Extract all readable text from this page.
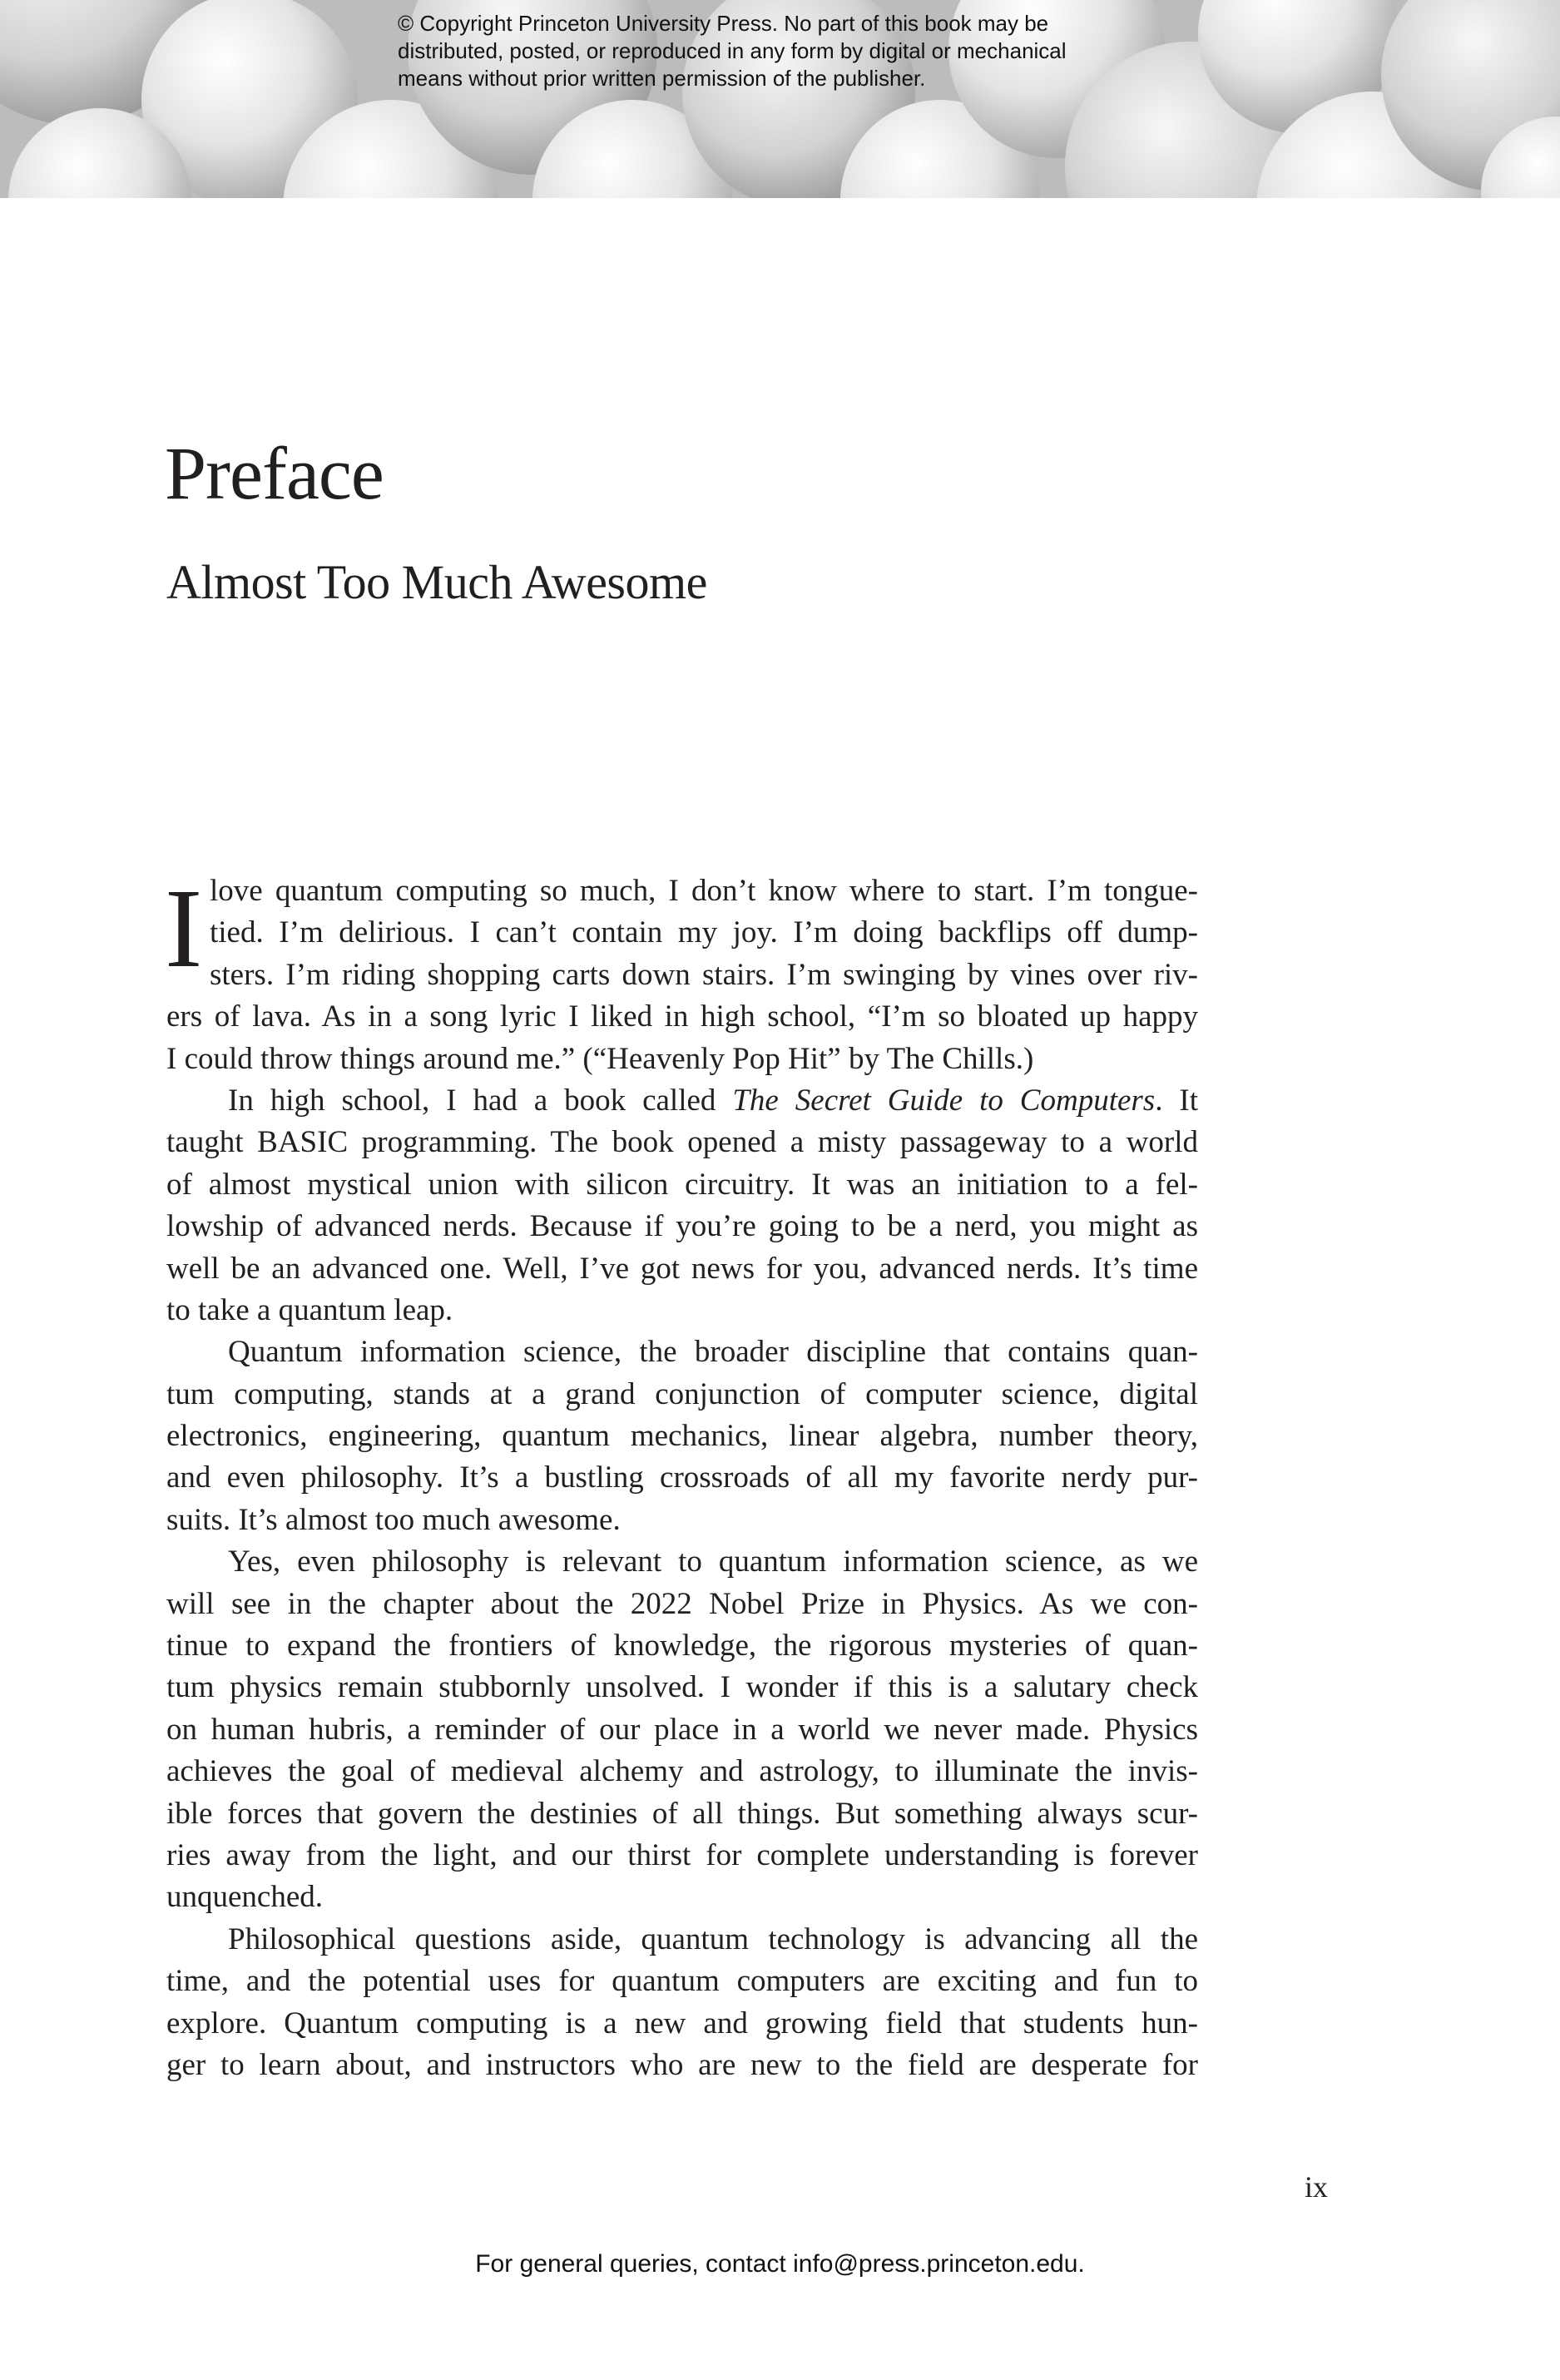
© Copyright Princeton University Press. No part of this book may be
distributed, posted, or reproduced in any form by digital or mechanical
means without prior written permission of the publisher.
Preface
Almost Too Much Awesome
I love quantum computing so much, I don’t know where to start. I’m tongue-
tied. I’m delirious. I can’t contain my joy. I’m doing backflips off dump-
sters. I’m riding shopping carts down stairs. I’m swinging by vines over riv-
ers of lava. As in a song lyric I liked in high school, “I’m so bloated up happy
I could throw things around me.” (“Heavenly Pop Hit” by The Chills.)
In high school, I had a book called The Secret Guide to Computers. It
taught BASIC programming. The book opened a misty passageway to a world
of almost mystical union with silicon circuitry. It was an initiation to a fel-
lowship of advanced nerds. Because if you’re going to be a nerd, you might as
well be an advanced one. Well, I’ve got news for you, advanced nerds. It’s time
to take a quantum leap.
Quantum information science, the broader discipline that contains quan-
tum computing, stands at a grand conjunction of computer science, digital
electronics, engineering, quantum mechanics, linear algebra, number theory,
and even philosophy. It’s a bustling crossroads of all my favorite nerdy pur-
suits. It’s almost too much awesome.
Yes, even philosophy is relevant to quantum information science, as we
will see in the chapter about the 2022 Nobel Prize in Physics. As we con-
tinue to expand the frontiers of knowledge, the rigorous mysteries of quan-
tum physics remain stubbornly unsolved. I wonder if this is a salutary check
on human hubris, a reminder of our place in a world we never made. Physics
achieves the goal of medieval alchemy and astrology, to illuminate the invis-
ible forces that govern the destinies of all things. But something always scur-
ries away from the light, and our thirst for complete understanding is forever
unquenched.
Philosophical questions aside, quantum technology is advancing all the
time, and the potential uses for quantum computers are exciting and fun to
explore. Quantum computing is a new and growing field that students hun-
ger to learn about, and instructors who are new to the field are desperate for
ix
For general queries, contact info@press.princeton.edu.
